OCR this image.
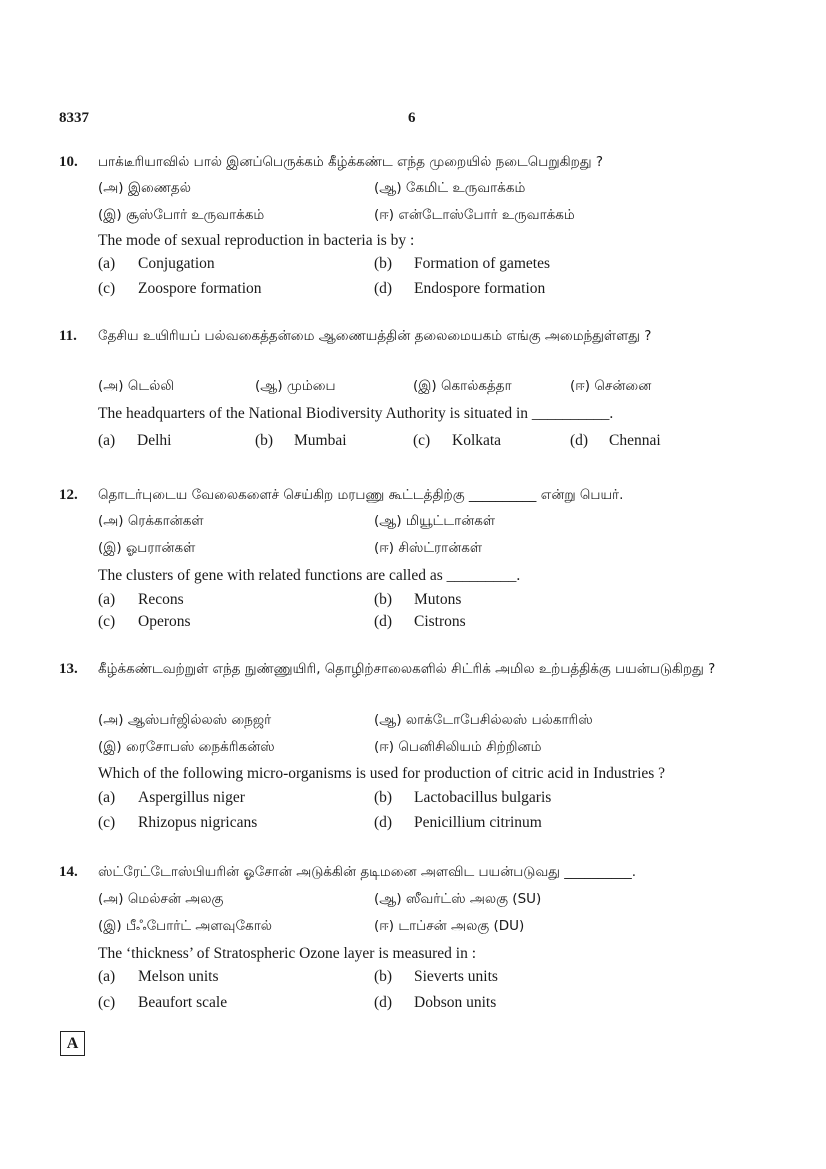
8337	6
10. பாக்டீரியாவில் பால் இனப்பெருக்கம் கீழ்க்கண்ட எந்த முறையில் நடைபெறுகிறது ?
(அ) இணைதல்	(ஆ) கேமிட் உருவாக்கம்
(இ) சூஸ்போர் உருவாக்கம்	(ஈ) என்டோஸ்போர் உருவாக்கம்
The mode of sexual reproduction in bacteria is by :
(a) Conjugation	(b) Formation of gametes
(c) Zoospore formation	(d) Endospore formation
11. தேசிய உயிரியப் பல்வகைத்தன்மை ஆணையத்தின் தலைமையகம் எங்கு அமைந்துள்ளது ?
(அ) டெல்லி	(ஆ) மும்பை	(இ) கொல்கத்தா	(ஈ) சென்னை
The headquarters of the National Biodiversity Authority is situated in __________.
(a) Delhi	(b) Mumbai	(c) Kolkata	(d) Chennai
12. தொடர்புடைய வேலைகளைச் செய்கிற மரபணு கூட்டத்திற்கு __________ என்று பெயர்.
(அ) ரெக்கான்கள்	(ஆ) மியூட்டான்கள்
(இ) ஓபரான்கள்	(ஈ) சிஸ்ட்ரான்கள்
The clusters of gene with related functions are called as _________.
(a) Recons	(b) Mutons
(c) Operons	(d) Cistrons
13. கீழ்க்கண்டவற்றுள் எந்த நுண்ணுயிரி, தொழிற்சாலைகளில் சிட்ரிக் அமில உற்பத்திக்கு பயன்படுகிறது ?
(அ) ஆஸ்பர்ஜில்லஸ் நைஜர்	(ஆ) லாக்டோபேசில்லஸ் பல்காரிஸ்
(இ) ரைசோபஸ் நைக்ரிகன்ஸ்	(ஈ) பெனிசிலியம் சிற்றினம்
Which of the following micro-organisms is used for production of citric acid in Industries ?
(a) Aspergillus niger	(b) Lactobacillus bulgaris
(c) Rhizopus nigricans	(d) Penicillium citrinum
14. ஸ்ட்ரேட்டோஸ்பியரின் ஓசோன் அடுக்கின் தடிமனை அளவிட பயன்படுவது __________.
(அ) மெல்சன் அலகு	(ஆ) ஸீவர்ட்ஸ் அலகு (SU)
(இ) பீஃபோர்ட் அளவுகோல்	(ஈ) டாப்சன் அலகு (DU)
The ‘thickness’ of Stratospheric Ozone layer is measured in :
(a) Melson units	(b) Sieverts units
(c) Beaufort scale	(d) Dobson units
A
